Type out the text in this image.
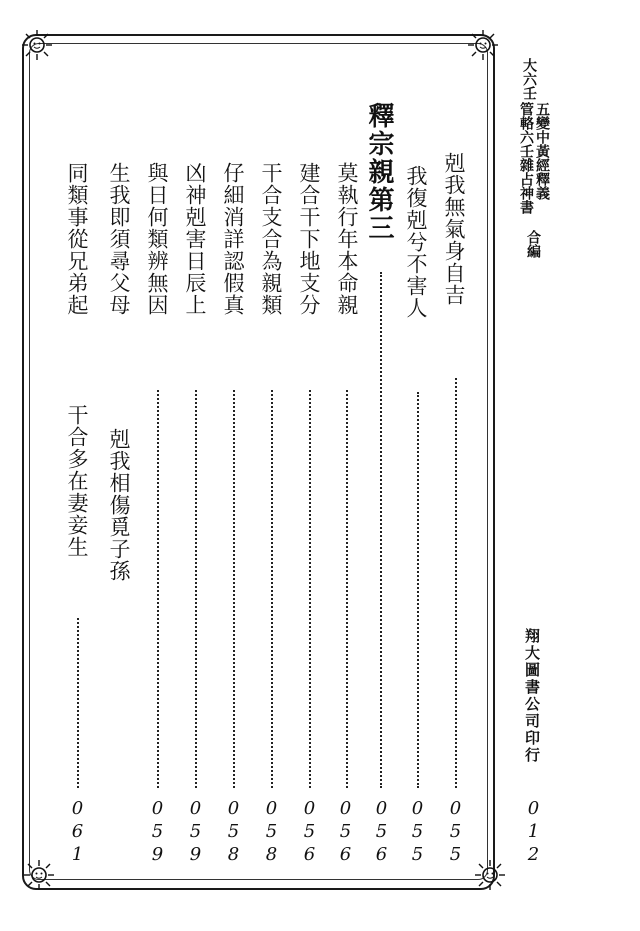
大六壬
五變中黃經釋義
管輅六壬雜占神書
合編
翔大圖書公司印行
012
剋我無氣身自吉
055
我復剋兮不害人
055
釋宗親第三
056
莫執行年本命親
056
建合干下地支分
056
干合支合為親類
058
仔細消詳認假真
058
凶神剋害日辰上
059
與日何類辨無因
059
生我即須尋父母
剋我相傷覓子孫
同類事從兄弟起
干合多在妻妾生
061
